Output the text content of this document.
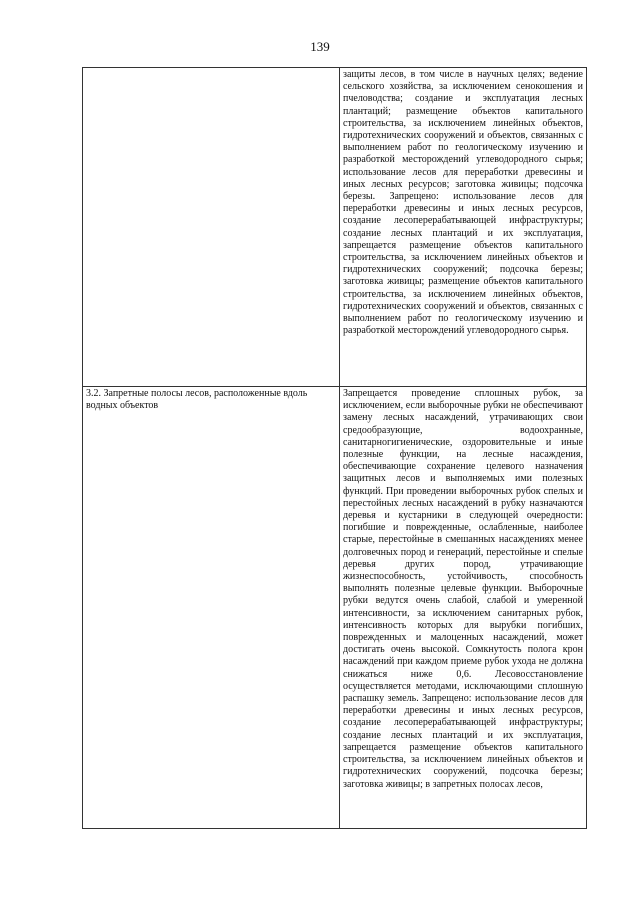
139
	защиты лесов, в том числе в научных целях; ведение сельского хозяйства, за исключением сенокошения и пчеловодства; создание и эксплуатация лесных плантаций; размещение объектов капитального строительства, за исключением линейных объектов, гидротехнических сооружений и объектов, связанных с выполнением работ по геологическому изучению и разработкой месторождений углеводородного сырья; использование лесов для переработки древесины и иных лесных ресурсов; заготовка живицы; подсочка березы. Запрещено: использование лесов для переработки древесины и иных лесных ресурсов, создание лесоперерабатывающей инфраструктуры; создание лесных плантаций и их эксплуатация, запрещается размещение объектов капитального строительства, за исключением линейных объектов и гидротехнических сооружений; подсочка березы; заготовка живицы; размещение объектов капитального строительства, за исключением линейных объектов, гидротехнических сооружений и объектов, связанных с выполнением работ по геологическому изучению и разработкой месторождений углеводородного сырья.
3.2. Запретные полосы лесов, расположенные вдоль водных объектов	Запрещается проведение сплошных рубок, за исключением, если выборочные рубки не обеспечивают замену лесных насаждений, утрачивающих свои средообразующие, водоохранные, санитарногигиенические, оздоровительные и иные полезные функции, на лесные насаждения, обеспечивающие сохранение целевого назначения защитных лесов и выполняемых ими полезных функций. При проведении выборочных рубок спелых и перестойных лесных насаждений в рубку назначаются деревья и кустарники в следующей очередности: погибшие и поврежденные, ослабленные, наиболее старые, перестойные в смешанных насаждениях менее долговечных пород и генераций, перестойные и спелые деревья других пород, утрачивающие жизнеспособность, устойчивость, способность выполнять полезные целевые функции. Выборочные рубки ведутся очень слабой, слабой и умеренной интенсивности, за исключением санитарных рубок, интенсивность которых для вырубки погибших, поврежденных и малоценных насаждений, может достигать очень высокой. Сомкнутость полога крон насаждений при каждом приеме рубок ухода не должна снижаться ниже 0,6. Лесовосстановление осуществляется методами, исключающими сплошную распашку земель. Запрещено: использование лесов для переработки древесины и иных лесных ресурсов, создание лесоперерабатывающей инфраструктуры; создание лесных плантаций и их эксплуатация, запрещается размещение объектов капитального строительства, за исключением линейных объектов и гидротехнических сооружений, подсочка березы; заготовка живицы; в запретных полосах лесов,
